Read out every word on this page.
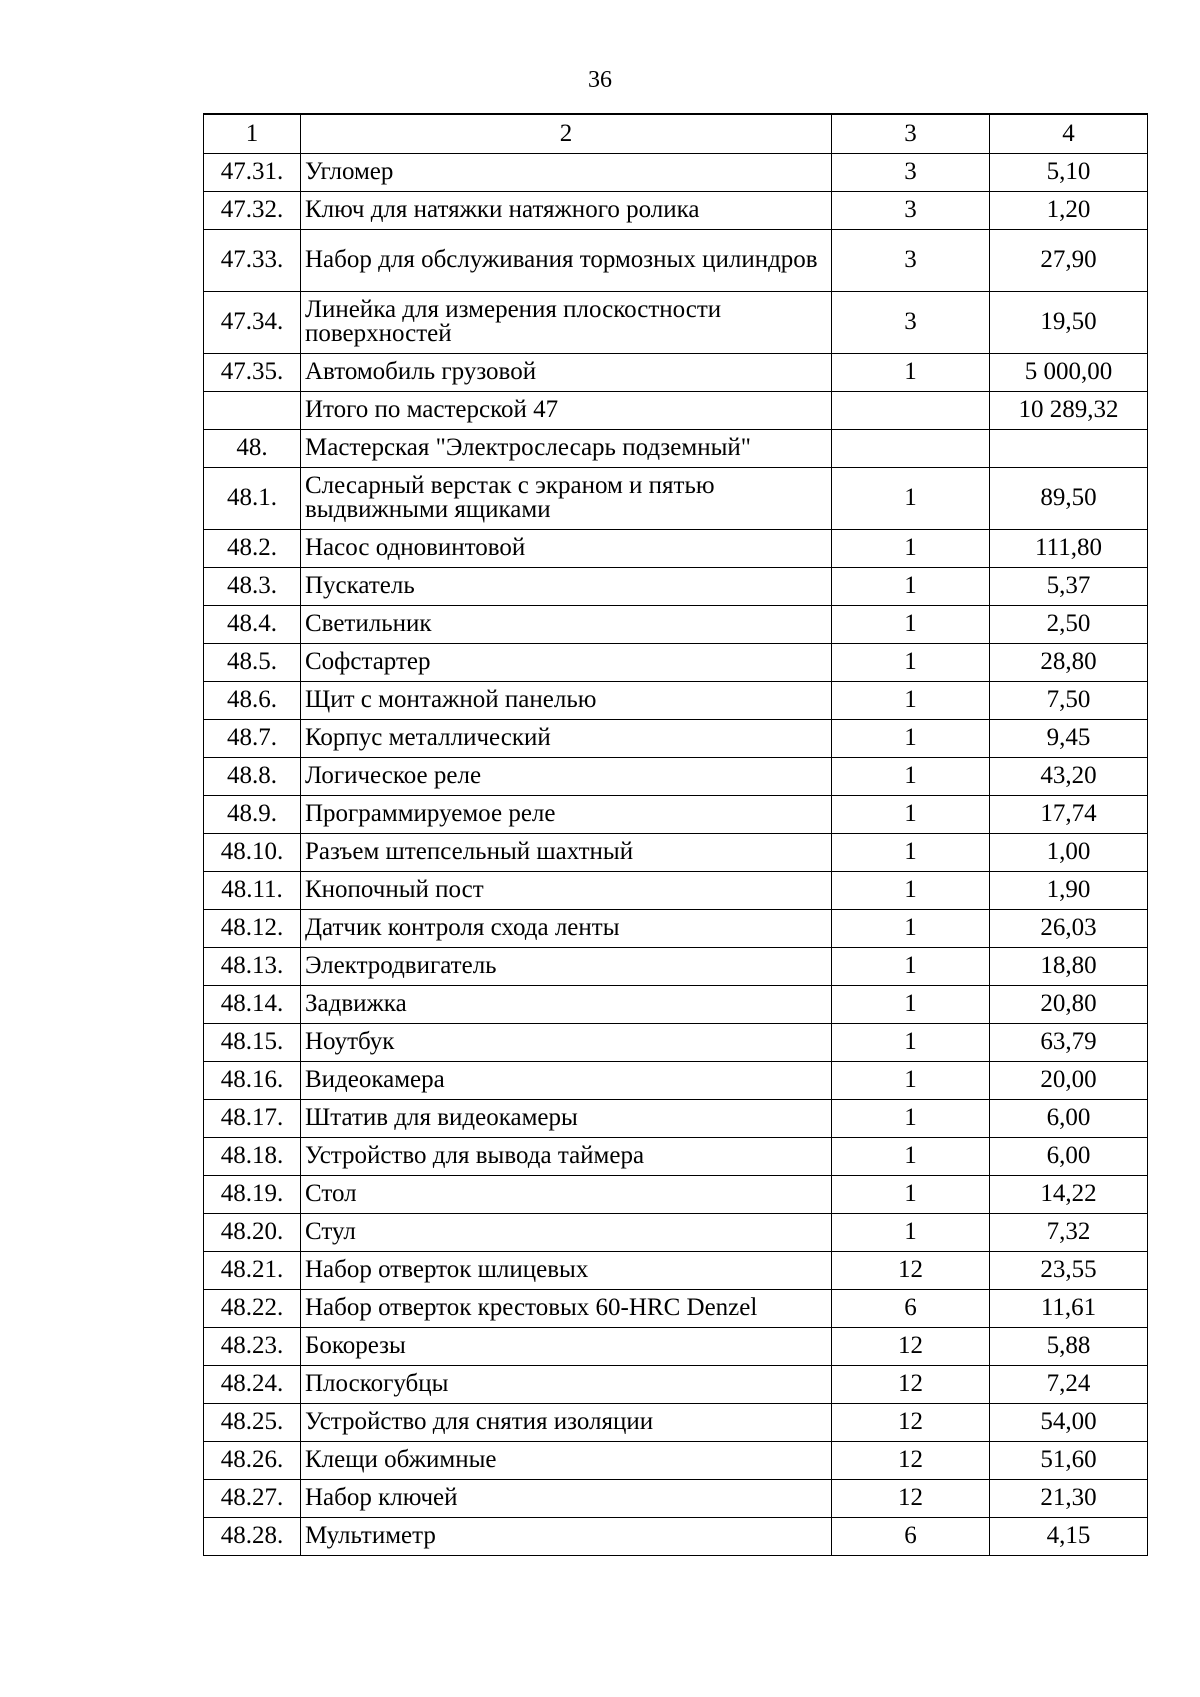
36
1	2	3	4
47.31.	Угломер	3	5,10
47.32.	Ключ для натяжки натяжного ролика	3	1,20
47.33.	Набор для обслуживания тормозных цилиндров	3	27,90
47.34.	Линейка для измерения плоскостности поверхностей	3	19,50
47.35.	Автомобиль грузовой	1	5 000,00
	Итого по мастерской 47		10 289,32
48.	Мастерская "Электрослесарь подземный"		
48.1.	Слесарный верстак с экраном и пятью выдвижными ящиками	1	89,50
48.2.	Насос одновинтовой	1	111,80
48.3.	Пускатель	1	5,37
48.4.	Светильник	1	2,50
48.5.	Софстартер	1	28,80
48.6.	Щит с монтажной панелью	1	7,50
48.7.	Корпус металлический	1	9,45
48.8.	Логическое реле	1	43,20
48.9.	Программируемое реле	1	17,74
48.10.	Разъем штепсельный шахтный	1	1,00
48.11.	Кнопочный пост	1	1,90
48.12.	Датчик контроля схода ленты	1	26,03
48.13.	Электродвигатель	1	18,80
48.14.	Задвижка	1	20,80
48.15.	Ноутбук	1	63,79
48.16.	Видеокамера	1	20,00
48.17.	Штатив для видеокамеры	1	6,00
48.18.	Устройство для вывода таймера	1	6,00
48.19.	Стол	1	14,22
48.20.	Стул	1	7,32
48.21.	Набор отверток шлицевых	12	23,55
48.22.	Набор отверток крестовых 60-HRC Denzel	6	11,61
48.23.	Бокорезы	12	5,88
48.24.	Плоскогубцы	12	7,24
48.25.	Устройство для снятия изоляции	12	54,00
48.26.	Клещи обжимные	12	51,60
48.27.	Набор ключей	12	21,30
48.28.	Мультиметр	6	4,15
